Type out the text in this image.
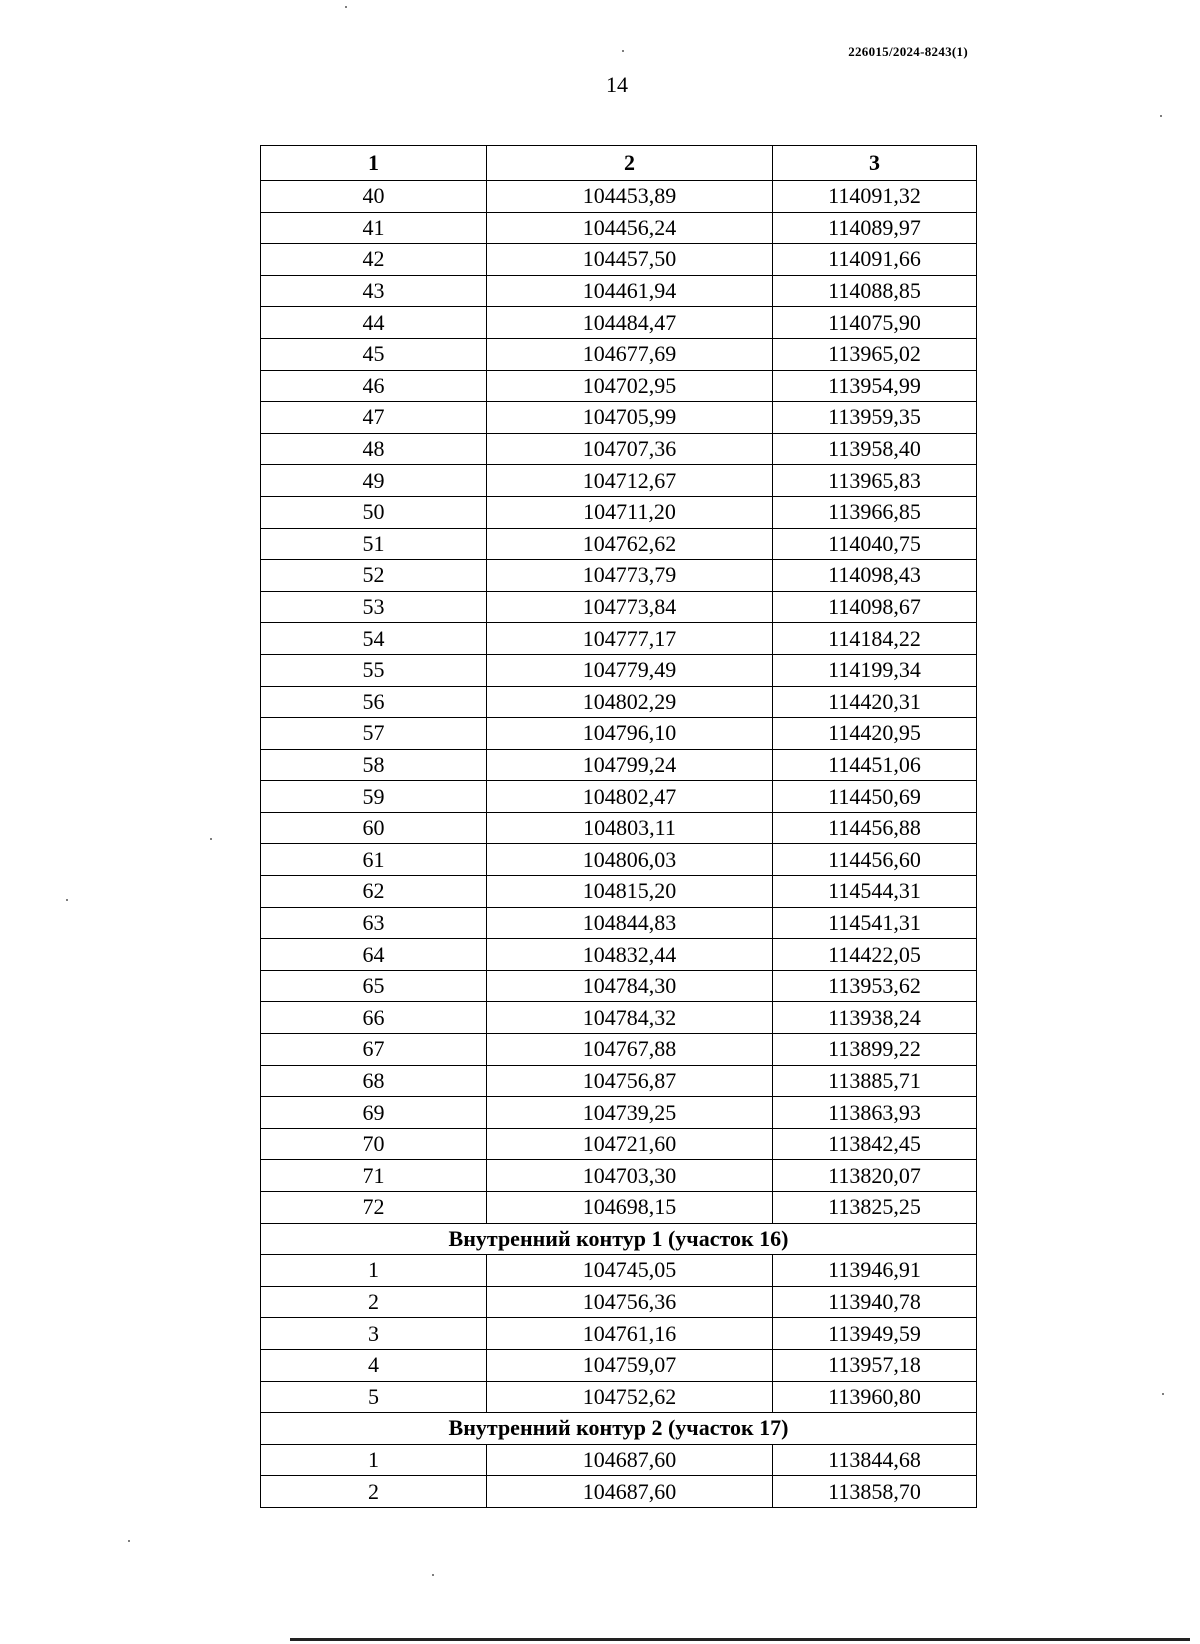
226015/2024-8243(1)
14
1	2	3
40	104453,89	114091,32
41	104456,24	114089,97
42	104457,50	114091,66
43	104461,94	114088,85
44	104484,47	114075,90
45	104677,69	113965,02
46	104702,95	113954,99
47	104705,99	113959,35
48	104707,36	113958,40
49	104712,67	113965,83
50	104711,20	113966,85
51	104762,62	114040,75
52	104773,79	114098,43
53	104773,84	114098,67
54	104777,17	114184,22
55	104779,49	114199,34
56	104802,29	114420,31
57	104796,10	114420,95
58	104799,24	114451,06
59	104802,47	114450,69
60	104803,11	114456,88
61	104806,03	114456,60
62	104815,20	114544,31
63	104844,83	114541,31
64	104832,44	114422,05
65	104784,30	113953,62
66	104784,32	113938,24
67	104767,88	113899,22
68	104756,87	113885,71
69	104739,25	113863,93
70	104721,60	113842,45
71	104703,30	113820,07
72	104698,15	113825,25
Внутренний контур 1 (участок 16)		
1	104745,05	113946,91
2	104756,36	113940,78
3	104761,16	113949,59
4	104759,07	113957,18
5	104752,62	113960,80
Внутренний контур 2 (участок 17)		
1	104687,60	113844,68
2	104687,60	113858,70
